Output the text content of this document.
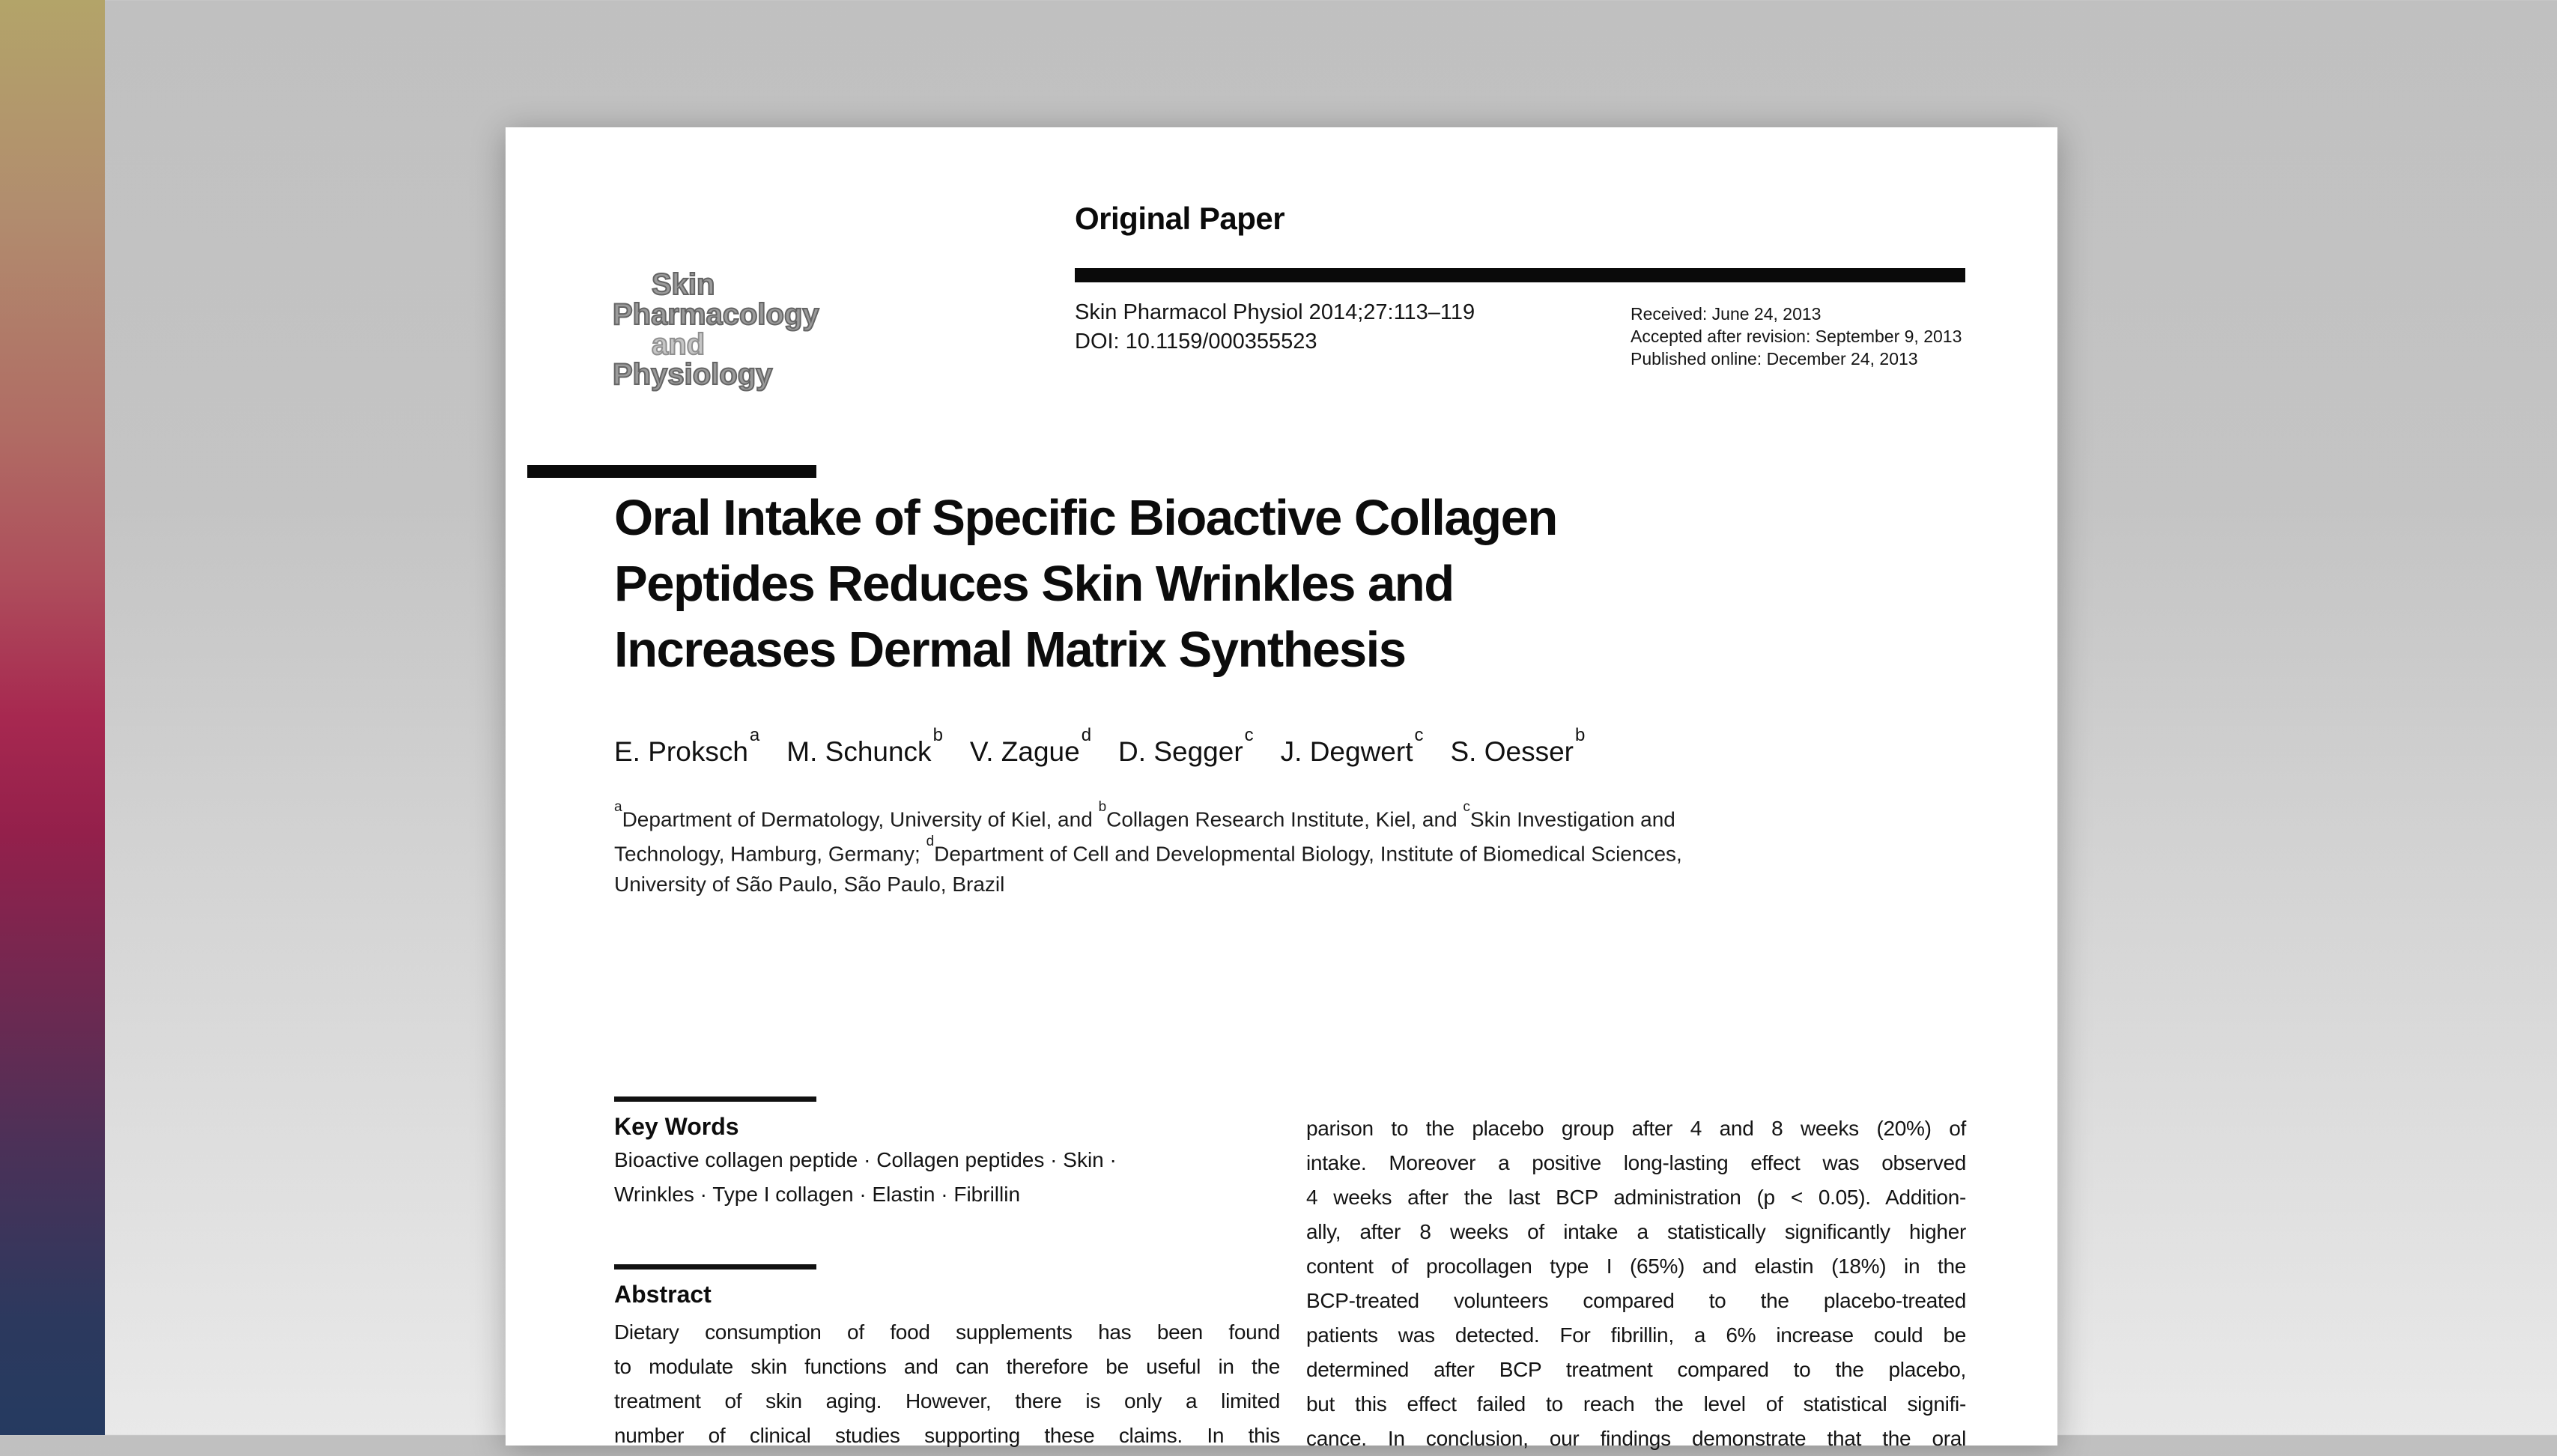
Skin
Pharmacology
and
Physiology
Original Paper
Skin Pharmacol Physiol 2014;27:113–119
DOI: 10.1159/000355523
Received: June 24, 2013
Accepted after revision: September 9, 2013
Published online: December 24, 2013
Oral Intake of Specific Bioactive Collagen
Peptides Reduces Skin Wrinkles and
Increases Dermal Matrix Synthesis
E. Proksch$^a$M. Schunck$^b$V. Zague$^d$D. Segger$^c$J. Degwert$^c$S. Oesser$^b$
$^a$Department of Dermatology, University of Kiel, and $^b$Collagen Research Institute, Kiel, and $^c$Skin Investigation and Technology, Hamburg, Germany; $^d$Department of Cell and Developmental Biology, Institute of Biomedical Sciences, University of São Paulo, São Paulo, Brazil
Key Words
Bioactive collagen peptide · Collagen peptides · Skin ·
Wrinkles · Type I collagen · Elastin · Fibrillin
Abstract
Dietary consumption of food supplements has been found
to modulate skin functions and can therefore be useful in the
treatment of skin aging. However, there is only a limited
number of clinical studies supporting these claims. In this
parison to the placebo group after 4 and 8 weeks (20%) of
intake. Moreover a positive long-lasting effect was observed
4 weeks after the last BCP administration (p < 0.05). Addition-
ally, after 8 weeks of intake a statistically significantly higher
content of procollagen type I (65%) and elastin (18%) in the
BCP-treated volunteers compared to the placebo-treated
patients was detected. For fibrillin, a 6% increase could be
determined after BCP treatment compared to the placebo,
but this effect failed to reach the level of statistical signifi-
cance. In conclusion, our findings demonstrate that the oral
